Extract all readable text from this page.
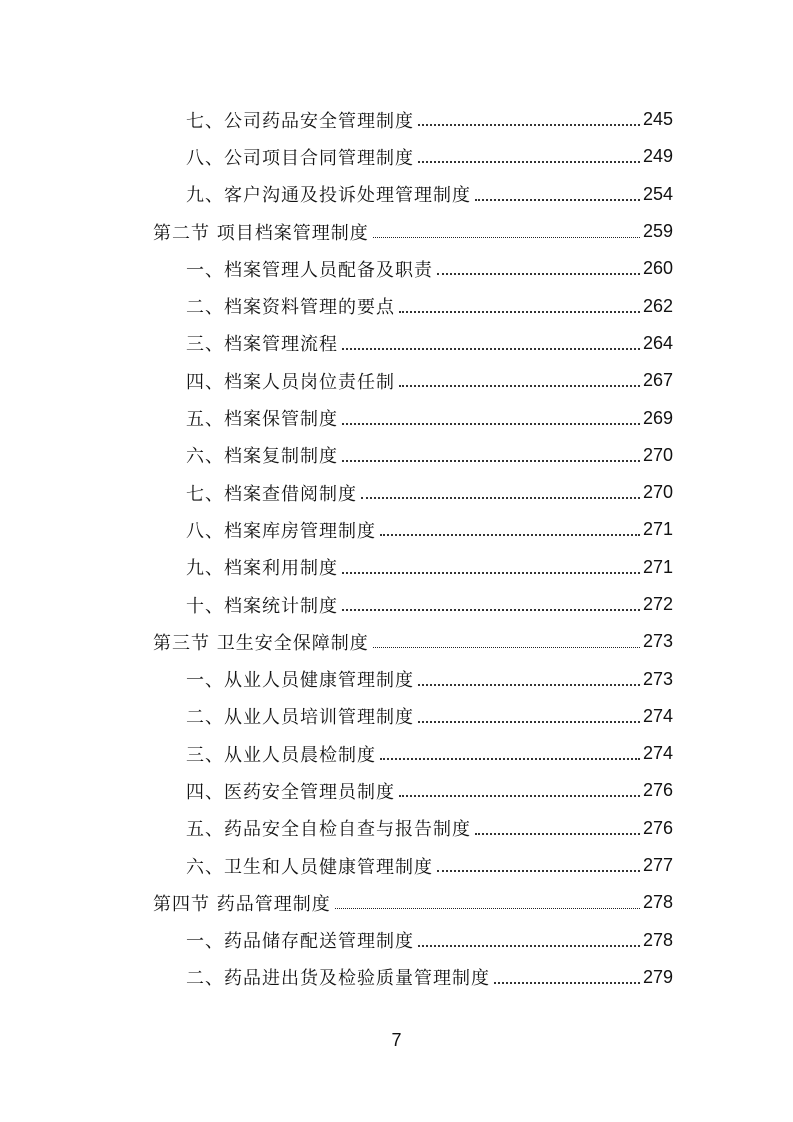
七、公司药品安全管理制度	245
八、公司项目合同管理制度	249
九、客户沟通及投诉处理管理制度	254
第二节 项目档案管理制度	259
一、档案管理人员配备及职责	260
二、档案资料管理的要点	262
三、档案管理流程	264
四、档案人员岗位责任制	267
五、档案保管制度	269
六、档案复制制度	270
七、档案查借阅制度	270
八、档案库房管理制度	271
九、档案利用制度	271
十、档案统计制度	272
第三节 卫生安全保障制度	273
一、从业人员健康管理制度	273
二、从业人员培训管理制度	274
三、从业人员晨检制度	274
四、医药安全管理员制度	276
五、药品安全自检自查与报告制度	276
六、卫生和人员健康管理制度	277
第四节 药品管理制度	278
一、药品储存配送管理制度	278
二、药品进出货及检验质量管理制度	279
7
